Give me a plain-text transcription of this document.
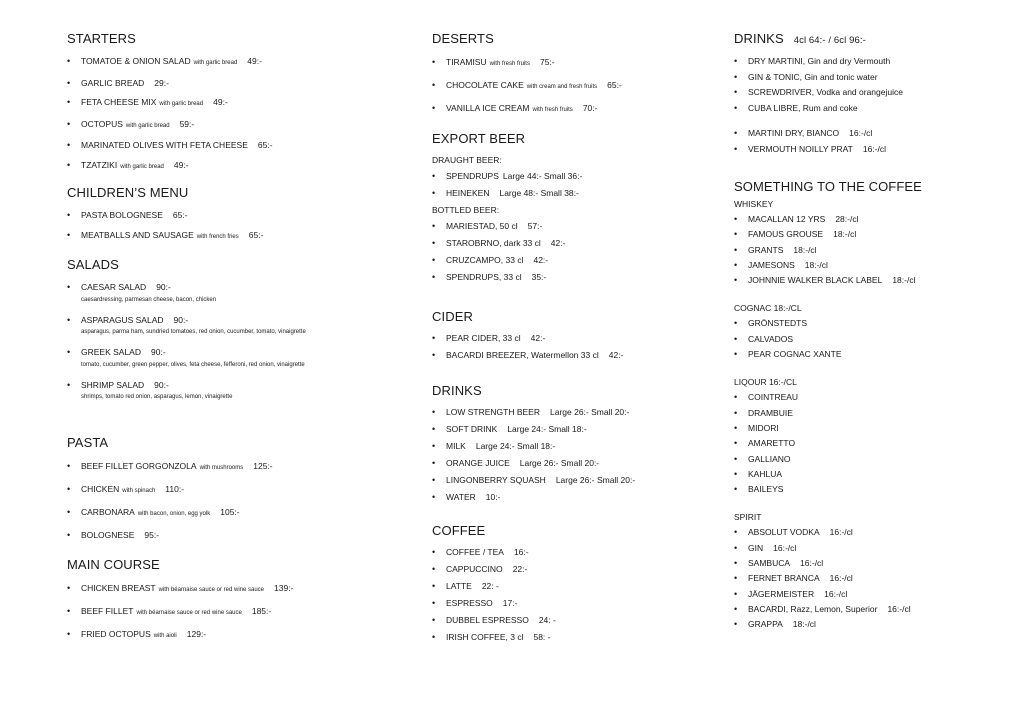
STARTERS
• TOMATOE & ONION SALAD with garlic bread 49:-
• GARLIC BREAD 29:-
• FETA CHEESE MIX with garlic bread 49:-
• OCTOPUS with garlic bread 59:-
• MARINATED OLIVES WITH FETA CHEESE 65:-
• TZATZIKI with garlic bread 49:-
CHILDREN’S MENU
• PASTA BOLOGNESE 65:-
• MEATBALLS AND SAUSAGE with french fries 65:-
SALADS
• CAESAR SALAD 90:-
caesardressing, parmesan cheese, bacon, chicken
• ASPARAGUS SALAD 90:-
asparagus, parma ham, sundried tomatoes, red onion, cucumber, tomato, vinaigrette
• GREEK SALAD 90:-
tomato, cucumber, green pepper, olives, feta cheese, fefferoni, red onion, vinaigrette
• SHRIMP SALAD 90:-
shrimps, tomato red onion, asparagus, lemon, vinaigrette
PASTA
• BEEF FILLET GORGONZOLA with mushrooms 125:-
• CHICKEN with spinach 110:-
• CARBONARA with bacon, onion, egg yolk 105:-
• BOLOGNESE 95:-
MAIN COURSE
• CHICKEN BREAST with béarnaise sauce or red wine sauce 139:-
• BEEF FILLET with béarnaise sauce or red wine sauce 185:-
• FRIED OCTOPUS with aioli 129:-
DESERTS
• TIRAMISU with fresh fruits 75:-
• CHOCOLATE CAKE with cream and fresh fruits 65:-
• VANILLA ICE CREAM with fresh fruits 70:-
EXPORT BEER
DRAUGHT BEER:
• SPENDRUPS Large 44:- Small 36:-
• HEINEKEN Large 48:- Small 38:-
BOTTLED BEER:
• MARIESTAD, 50 cl 57:-
• STAROBRNO, dark 33 cl 42:-
• CRUZCAMPO, 33 cl 42:-
• SPENDRUPS, 33 cl 35:-
CIDER
• PEAR CIDER, 33 cl 42:-
• BACARDI BREEZER, Watermellon 33 cl 42:-
DRINKS
• LOW STRENGTH BEER Large 26:- Small 20:-
• SOFT DRINK Large 24:- Small 18:-
• MILK Large 24:- Small 18:-
• ORANGE JUICE Large 26:- Small 20:-
• LINGONBERRY SQUASH Large 26:- Small 20:-
• WATER 10:-
COFFEE
• COFFEE / TEA 16:-
• CAPPUCCINO 22:-
• LATTE 22: -
• ESPRESSO 17:-
• DUBBEL ESPRESSO 24: -
• IRISH COFFEE, 3 cl 58: -
DRINKS 4cl 64:- / 6cl 96:-
• DRY MARTINI, Gin and dry Vermouth
• GIN & TONIC, Gin and tonic water
• SCREWDRIVER, Vodka and orangejuice
• CUBA LIBRE, Rum and coke
• MARTINI DRY, BIANCO 16:-/cl
• VERMOUTH NOILLY PRAT 16:-/cl
SOMETHING TO THE COFFEE
WHISKEY
• MACALLAN 12 YRS 28:-/cl
• FAMOUS GROUSE 18:-/cl
• GRANTS 18:-/cl
• JAMESONS 18:-/cl
• JOHNNIE WALKER BLACK LABEL 18:-/cl
COGNAC 18:-/CL
• GRÖNSTEDTS
• CALVADOS
• PEAR COGNAC XANTE
LIQOUR 16:-/CL
• COINTREAU
• DRAMBUIE
• MIDORI
• AMARETTO
• GALLIANO
• KAHLUA
• BAILEYS
SPIRIT
• ABSOLUT VODKA 16:-/cl
• GIN 16:-/cl
• SAMBUCA 16:-/cl
• FERNET BRANCA 16:-/cl
• JÄGERMEISTER 16:-/cl
• BACARDI, Razz, Lemon, Superior 16:-/cl
• GRAPPA 18:-/cl
